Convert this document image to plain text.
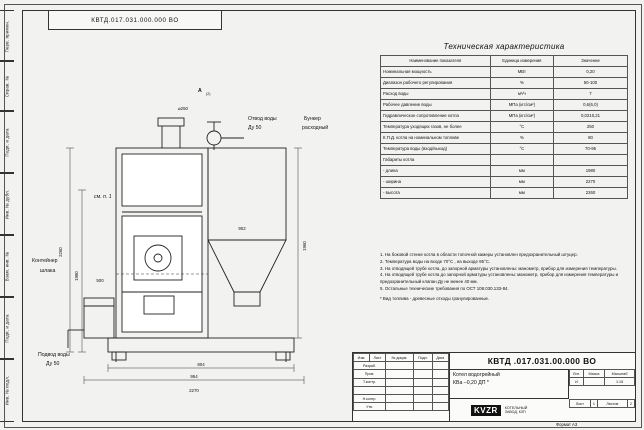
КВТД.017.031.000.000 ВО
Перв. примен.
Справ. №
Подп. и дата
Инв. № дубл.
Взам. инв. №
Подп. и дата
Инв. № подл.
2260
1980	500
902
1960
804
954
2270
А (2)
⌀250
Отвод воды
Ду 50
Бункер
расходный
см. п. 1
Контейнер
шлака
Подвод воды
Ду 50
Техническая характеристика
Наименование показателя	Единица измерения	Значение
Номинальная мощность	МВт	0,20
Диапазон рабочего регулирования	%	50-100
Расход воды	м³/ч	7
Рабочее давление воды	МПа (кгс/см²)	0,6(6,0)
Гидравлическое сопротивление котла	МПа (кгс/см²)	0,0210,21
Температура уходящих газов, не более	°С	250
К.П.Д. котла на номинальном топливе	%	80
Температура воды (вход/выход)	°С	70-95
Габариты котла		
- длина	мм	1980
- ширина	мм	2270
- высота	мм	2260
1. На боковой стенке котла в области топочной камеры установлен предохранительный штуцер.
2. Температура воды на входе 70°С , на выходе 95°С.
3. На отводящей трубе котла, до запорной арматуры установлены: манометр, прибор для измерения температуры.
4. На отводящей трубе котла до запорной арматуры установлены: манометр, прибор для измерения температуры и предохранительный клапан Ду не менее 40 мм.
5. Остальные технические требования по ОСТ 108.030.133-84.
* Вид топлива - древесные отходы гранулированные.
Изм.	Лист	№ докум.	Подп.	Дата
Разраб.				
Пров.				
Т.контр.				

Н.контр.				
Утв.				
КВТД .017.031.00.000 ВО
Котел водогрейный
КВа –0,20 ДП *
Лит.	Масса	Масштаб
И		1:15

Лист	1	Листов	2
KVZR	КОТЕЛЬНЫЙ
ЗАВОД, КЗП
Формат A3
